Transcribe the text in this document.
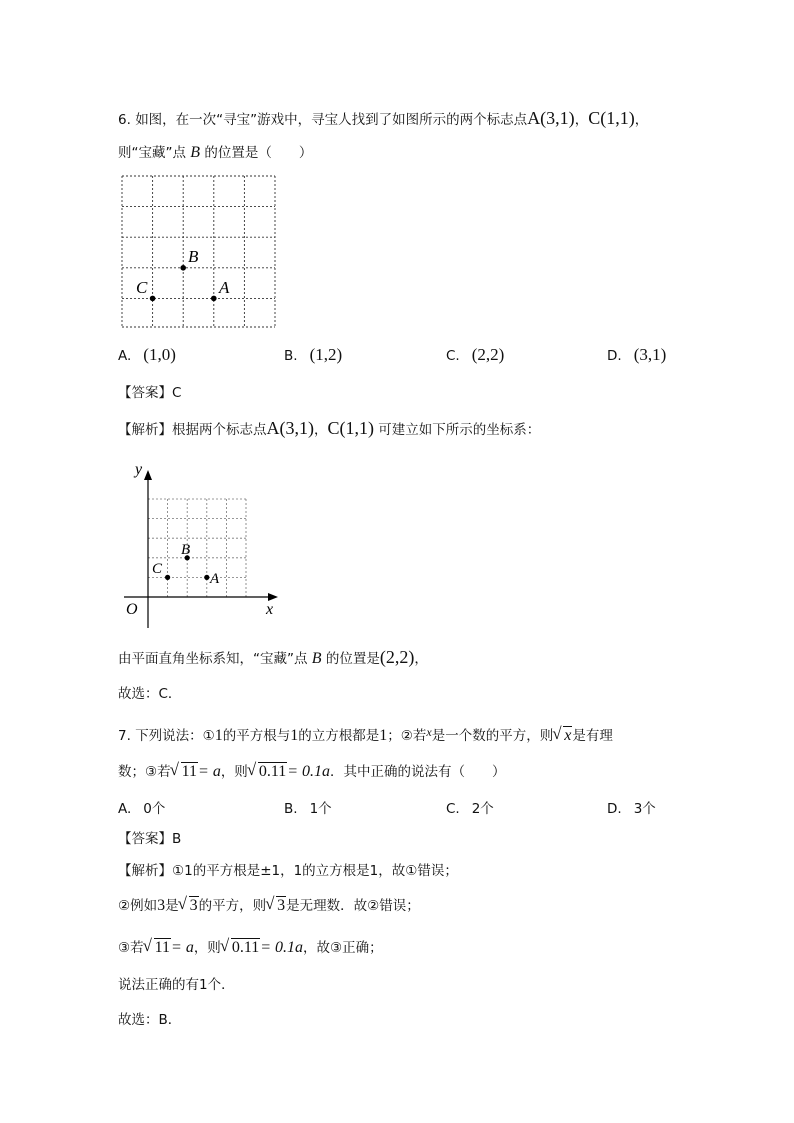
6. 如图，在一次“寻宝”游戏中，寻宝人找到了如图所示的两个标志点A(3,1)，C(1,1)，
则“宝藏”点 B 的位置是（　　）
B
C	A
A. (1,0)	B. (1,2)	C. (2,2)	D. (3,1)
【答案】C
【解析】根据两个标志点A(3,1)，C(1,1) 可建立如下所示的坐标系：
y
x
O
B
C
A
由平面直角坐标系知，“宝藏”点 B 的位置是(2,2)，
故选：C．
7. 下列说法：①1的平方根与1的立方根都是1；②若x是一个数的平方，则 √ x是有理
数；③若 √ 11= a，则 √ 0.11= 0.1a．其中正确的说法有（　　）
A. 0个	B. 1个	C. 2个	D. 3个
【答案】B
【解析】①1的平方根是±1，1的立方根是1，故①错误；
②例如3是 √ 3的平方，则 √ 3是无理数．故②错误；
③若 √ 11= a，则 √ 0.11= 0.1a，故③正确；
说法正确的有1个．
故选：B．
